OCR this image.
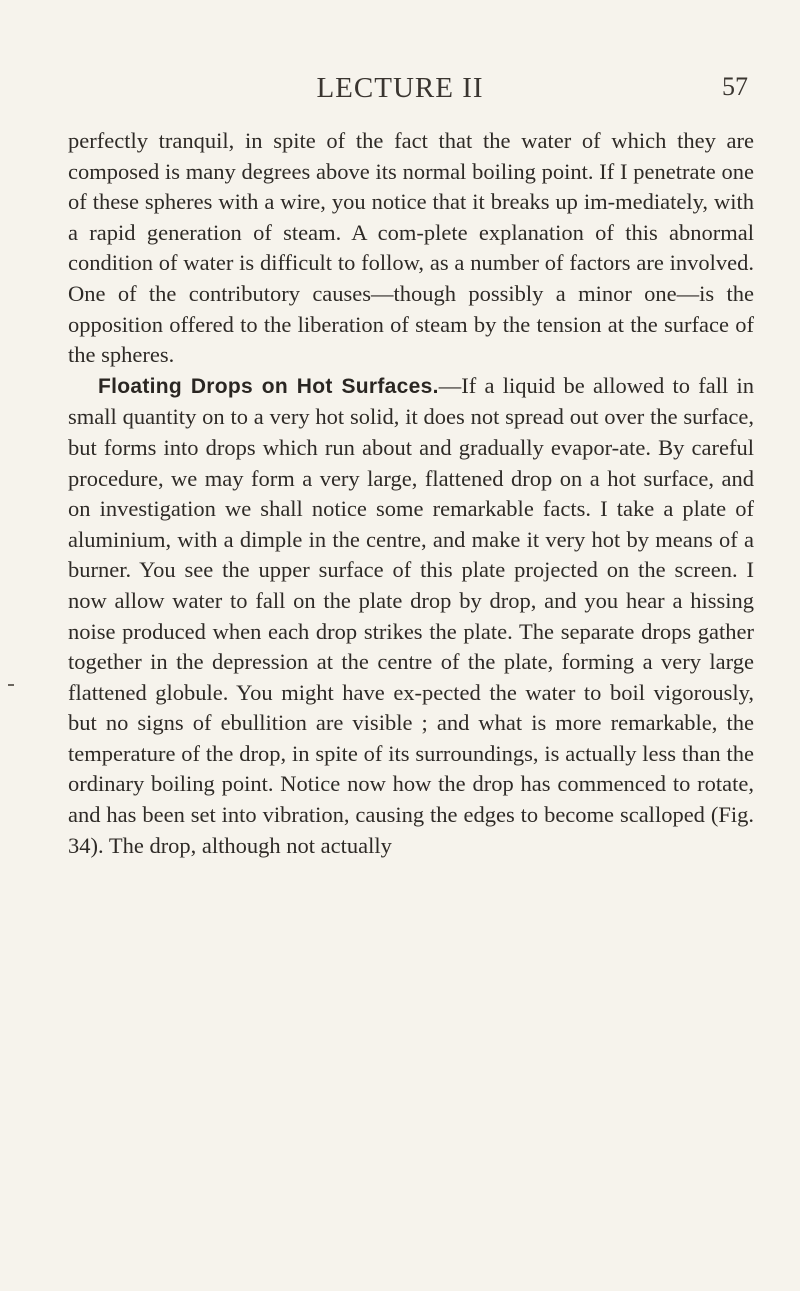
LECTURE II	57

perfectly tranquil, in spite of the fact that the water of which they are composed is many degrees above its normal boiling point. If I penetrate one of these spheres with a wire, you notice that it breaks up im-mediately, with a rapid generation of steam. A com-plete explanation of this abnormal condition of water is difficult to follow, as a number of factors are involved. One of the contributory causes—though possibly a minor one—is the opposition offered to the liberation of steam by the tension at the surface of the spheres.

Floating Drops on Hot Surfaces.—If a liquid be allowed to fall in small quantity on to a very hot solid, it does not spread out over the surface, but forms into drops which run about and gradually evapor-ate. By careful procedure, we may form a very large, flattened drop on a hot surface, and on investigation we shall notice some remarkable facts. I take a plate of aluminium, with a dimple in the centre, and make it very hot by means of a burner. You see the upper surface of this plate projected on the screen. I now allow water to fall on the plate drop by drop, and you hear a hissing noise produced when each drop strikes the plate. The separate drops gather together in the depression at the centre of the plate, forming a very large flattened globule. You might have ex-pected the water to boil vigorously, but no signs of ebullition are visible ; and what is more remarkable, the temperature of the drop, in spite of its surroundings, is actually less than the ordinary boiling point. Notice now how the drop has commenced to rotate, and has been set into vibration, causing the edges to become scalloped (Fig. 34). The drop, although not actually
